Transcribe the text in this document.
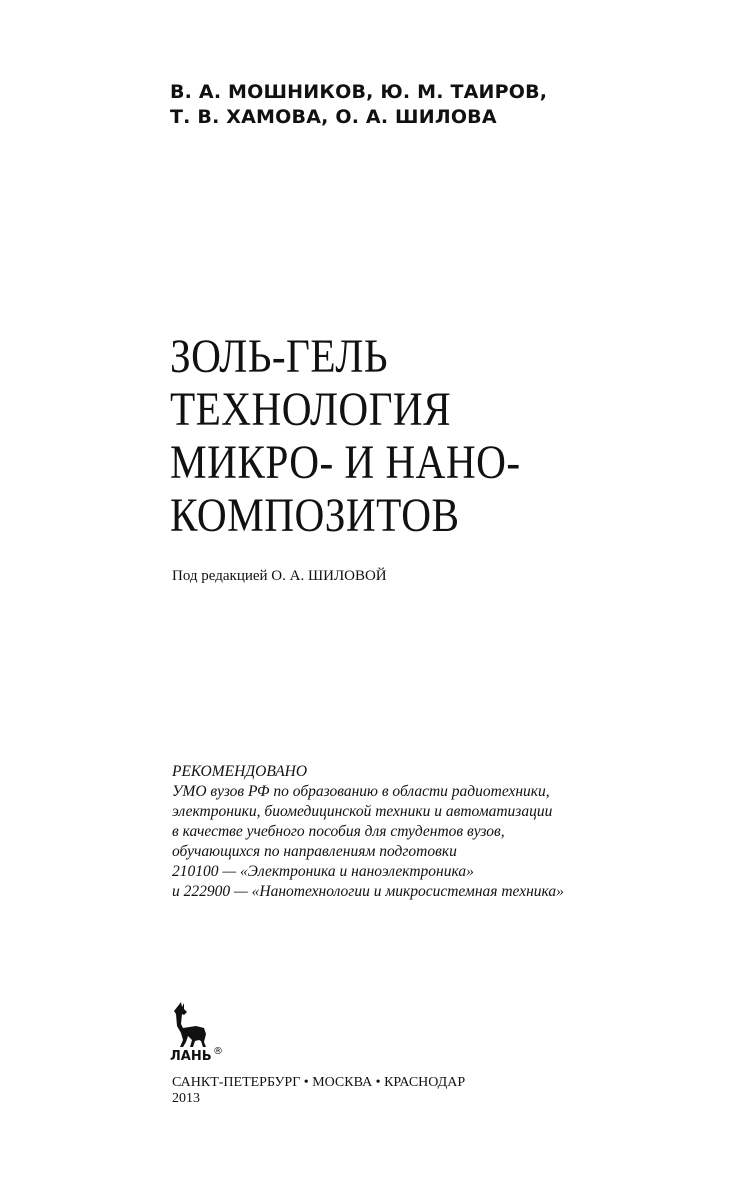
В. А. МОШНИКОВ, Ю. М. ТАИРОВ,
Т. В. ХАМОВА, О. А. ШИЛОВА
ЗОЛЬ-ГЕЛЬ
ТЕХНОЛОГИЯ
МИКРО- И НАНО-
КОМПОЗИТОВ
Под редакцией О. А. ШИЛОВОЙ
РЕКОМЕНДОВАНО
УМО вузов РФ по образованию в области радиотехники,
электроники, биомедицинской техники и автоматизации
в качестве учебного пособия для студентов вузов,
обучающихся по направлениям подготовки
210100 — «Электроника и наноэлектроника»
и 222900 — «Нанотехнологии и микросистемная техника»
ЛАНЬ ®
САНКТ-ПЕТЕРБУРГ • МОСКВА • КРАСНОДАР
2013
